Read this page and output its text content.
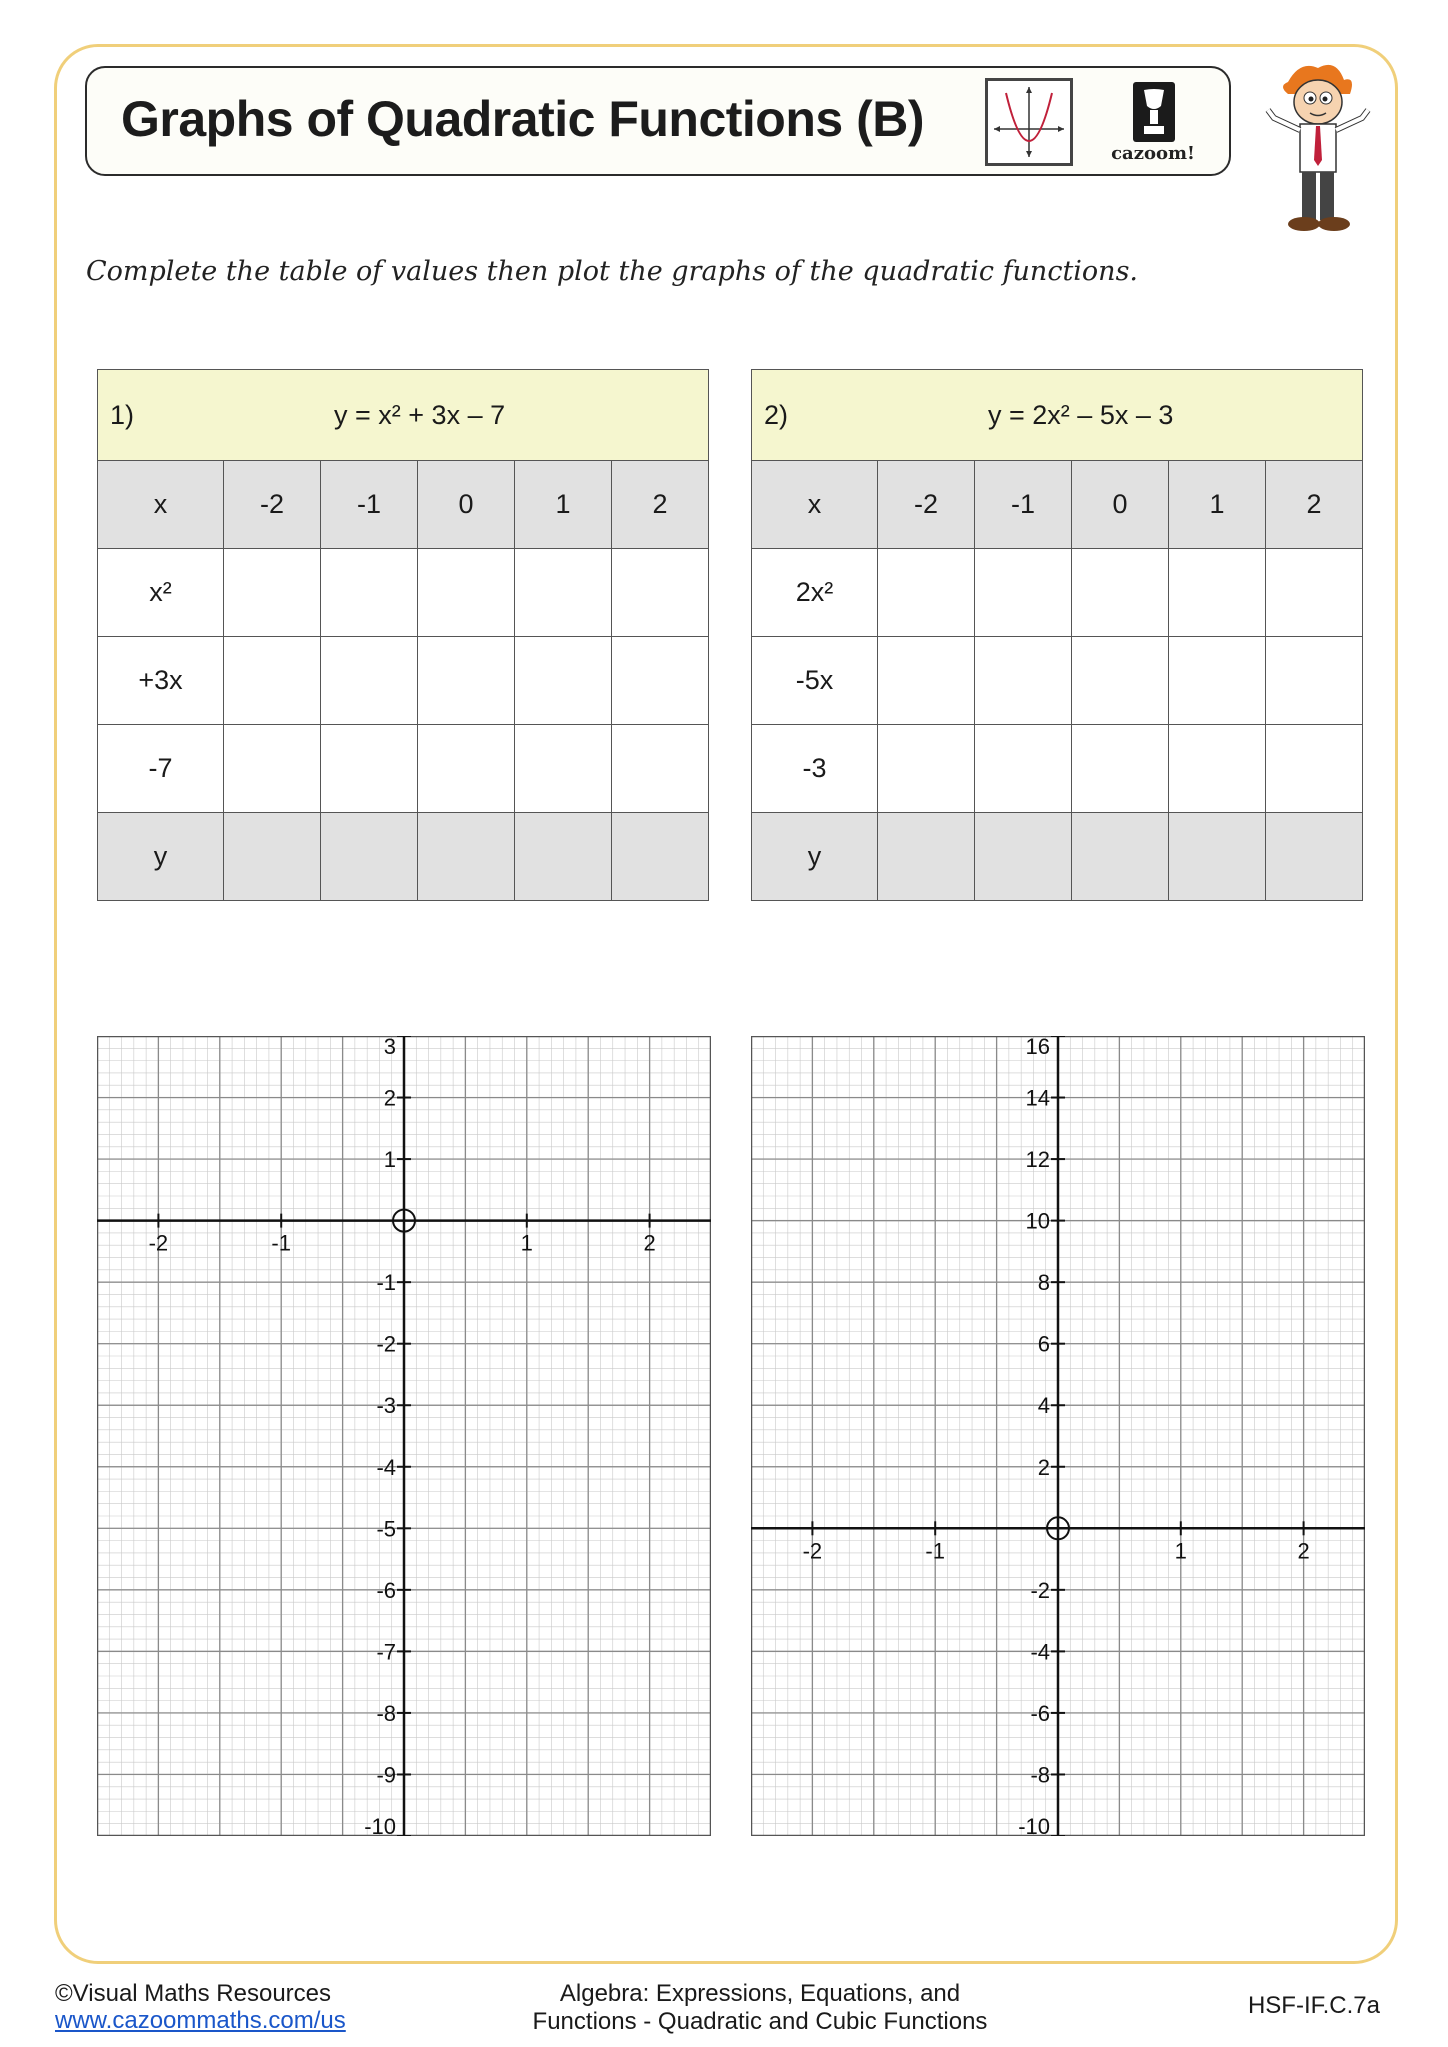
Graphs of Quadratic Functions (B)
cazoom!
Complete the table of values then plot the graphs of the quadratic functions.
1) y = x² + 3x – 7					
x	-2	-1	0	1	2
x²					
+3x					
-7					
y					
2) y = 2x² – 5x – 3					
x	-2	-1	0	1	2
2x²					
-5x					
-3					
y					
-2	-1	1	2
3
2
1
-1
-2
-3
-4
-5
-6
-7
-8
-9
-10
-2	-1	1	2
16
14
12
10
8
6
4
2
-2
-4
-6
-8
-10
©Visual Maths Resources
www.cazoommaths.com/us
Algebra: Expressions, Equations, and
Functions - Quadratic and Cubic Functions
HSF-IF.C.7a
